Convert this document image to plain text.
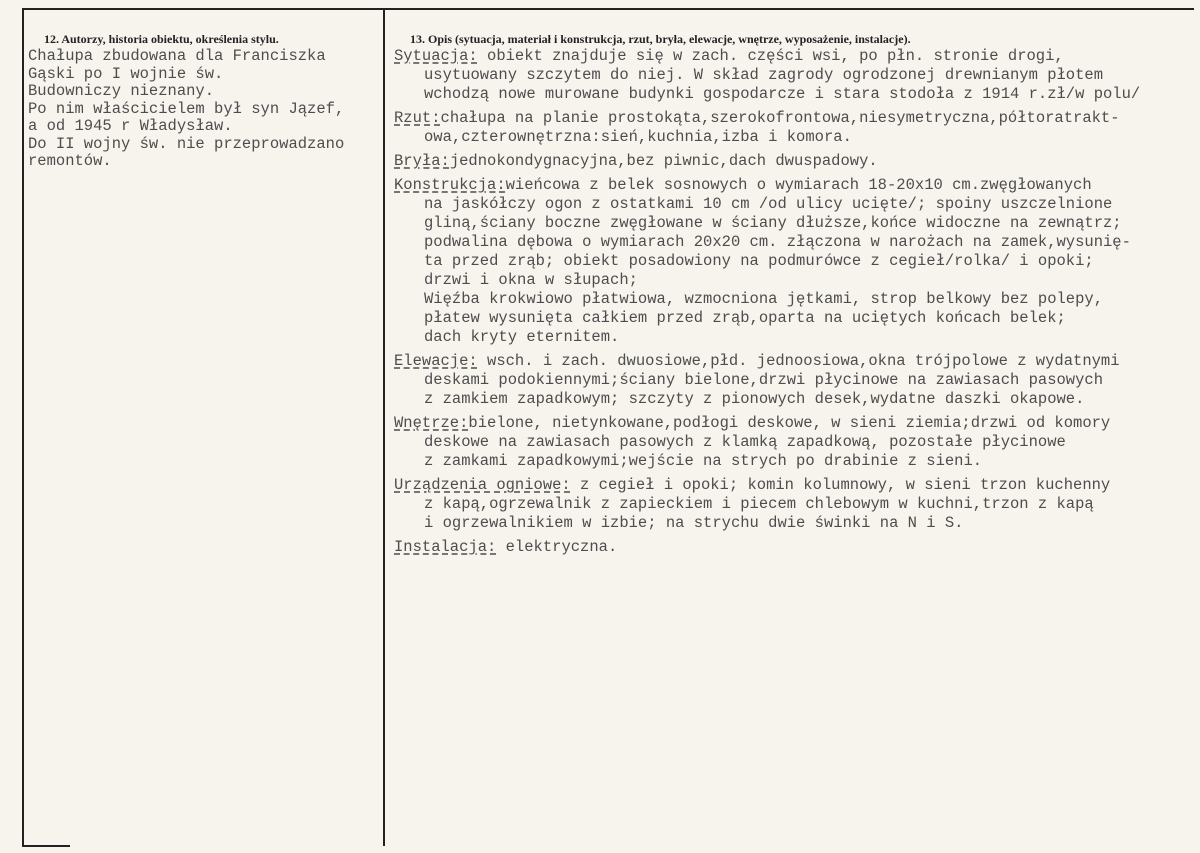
12. Autorzy, historia obiektu, określenia stylu.	13. Opis (sytuacja, materiał i konstrukcja, rzut, bryła, elewacje, wnętrze, wyposażenie, instalacje).
Chałupa zbudowana dla Franciszka
Gąski po I wojnie św.
Budowniczy nieznany.
Po nim właścicielem był syn Jązef,
a od 1945 r Władysław.
Do II wojny św. nie przeprowadzano
remontów.
Sytuacja: obiekt znajduje się w zach. części wsi, po płn. stronie drogi,
usytuowany szczytem do niej. W skład zagrody ogrodzonej drewnianym płotem
wchodzą nowe murowane budynki gospodarcze i stara stodoła z 1914 r.zł/w polu/
Rzut:chałupa na planie prostokąta,szerokofrontowa,niesymetryczna,półtoratrakt-
owa,czterownętrzna:sień,kuchnia,izba i komora.
Bryła:jednokondygnacyjna,bez piwnic,dach dwuspadowy.
Konstrukcja:wieńcowa z belek sosnowych o wymiarach 18-20x10 cm.zwęgłowanych
na jaskółczy ogon z ostatkami 10 cm /od ulicy ucięte/; spoiny uszczelnione
gliną,ściany boczne zwęgłowane w ściany dłuższe,końce widoczne na zewnątrz;
podwalina dębowa o wymiarach 20x20 cm. złączona w narożach na zamek,wysunię-
ta przed zrąb; obiekt posadowiony na podmurówce z cegieł/rolka/ i opoki;
drzwi i okna w słupach;
Więźba krokwiowo płatwiowa, wzmocniona jętkami, strop belkowy bez polepy,
płatew wysunięta całkiem przed zrąb,oparta na uciętych końcach belek;
dach kryty eternitem.
Elewacje: wsch. i zach. dwuosiowe,płd. jednoosiowa,okna trójpolowe z wydatnymi
deskami podokiennymi;ściany bielone,drzwi płycinowe na zawiasach pasowych
z zamkiem zapadkowym; szczyty z pionowych desek,wydatne daszki okapowe.
Wnętrze:bielone, nietynkowane,podłogi deskowe, w sieni ziemia;drzwi od komory
deskowe na zawiasach pasowych z klamką zapadkową, pozostałe płycinowe
z zamkami zapadkowymi;wejście na strych po drabinie z sieni.
Urządzenia ogniowe: z cegieł i opoki; komin kolumnowy, w sieni trzon kuchenny
z kapą,ogrzewalnik z zapieckiem i piecem chlebowym w kuchni,trzon z kapą
i ogrzewalnikiem w izbie; na strychu dwie świnki na N i S.
Instalacja: elektryczna.
